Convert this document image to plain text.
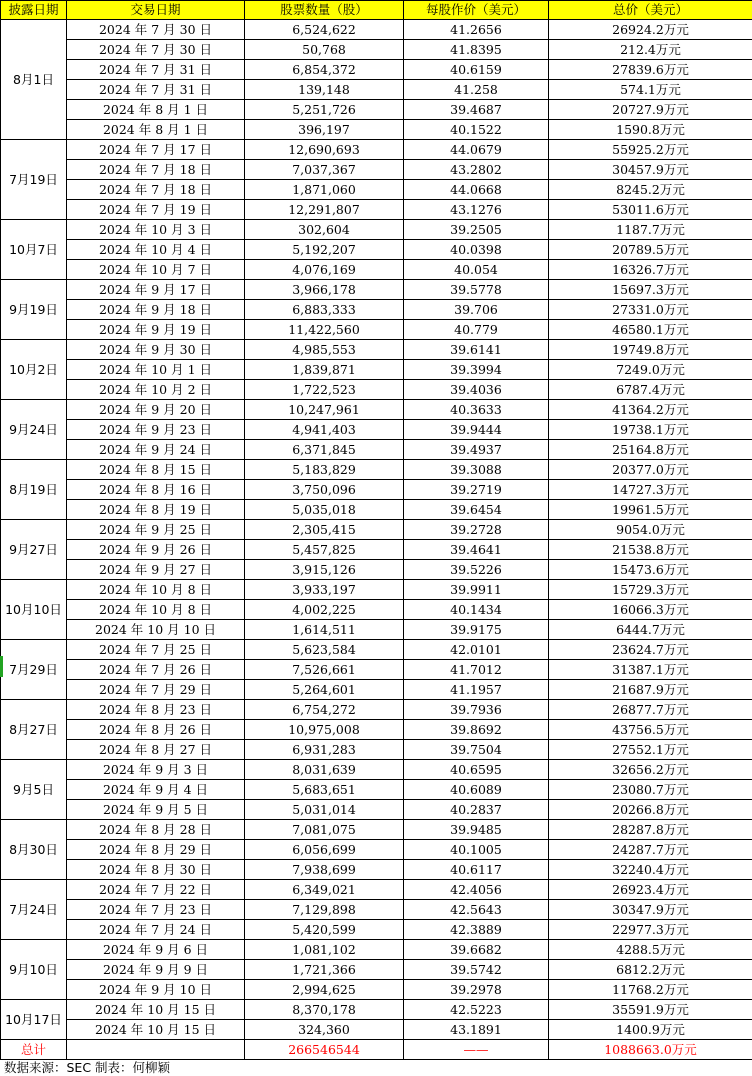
披露日期	交易日期	股票数量（股）	每股作价（美元）	总价（美元）
8月1日	2024 年 7 月 30 日	6,524,622	41.2656	26924.2万元
	2024 年 7 月 30 日	50,768	41.8395	212.4万元
	2024 年 7 月 31 日	6,854,372	40.6159	27839.6万元
	2024 年 7 月 31 日	139,148	41.258	574.1万元
	2024 年 8 月 1 日	5,251,726	39.4687	20727.9万元
	2024 年 8 月 1 日	396,197	40.1522	1590.8万元
7月19日	2024 年 7 月 17 日	12,690,693	44.0679	55925.2万元
	2024 年 7 月 18 日	7,037,367	43.2802	30457.9万元
	2024 年 7 月 18 日	1,871,060	44.0668	8245.2万元
	2024 年 7 月 19 日	12,291,807	43.1276	53011.6万元
10月7日	2024 年 10 月 3 日	302,604	39.2505	1187.7万元
	2024 年 10 月 4 日	5,192,207	40.0398	20789.5万元
	2024 年 10 月 7 日	4,076,169	40.054	16326.7万元
9月19日	2024 年 9 月 17 日	3,966,178	39.5778	15697.3万元
	2024 年 9 月 18 日	6,883,333	39.706	27331.0万元
	2024 年 9 月 19 日	11,422,560	40.779	46580.1万元
10月2日	2024 年 9 月 30 日	4,985,553	39.6141	19749.8万元
	2024 年 10 月 1 日	1,839,871	39.3994	7249.0万元
	2024 年 10 月 2 日	1,722,523	39.4036	6787.4万元
9月24日	2024 年 9 月 20 日	10,247,961	40.3633	41364.2万元
	2024 年 9 月 23 日	4,941,403	39.9444	19738.1万元
	2024 年 9 月 24 日	6,371,845	39.4937	25164.8万元
8月19日	2024 年 8 月 15 日	5,183,829	39.3088	20377.0万元
	2024 年 8 月 16 日	3,750,096	39.2719	14727.3万元
	2024 年 8 月 19 日	5,035,018	39.6454	19961.5万元
9月27日	2024 年 9 月 25 日	2,305,415	39.2728	9054.0万元
	2024 年 9 月 26 日	5,457,825	39.4641	21538.8万元
	2024 年 9 月 27 日	3,915,126	39.5226	15473.6万元
10月10日	2024 年 10 月 8 日	3,933,197	39.9911	15729.3万元
	2024 年 10 月 8 日	4,002,225	40.1434	16066.3万元
	2024 年 10 月 10 日	1,614,511	39.9175	6444.7万元
7月29日	2024 年 7 月 25 日	5,623,584	42.0101	23624.7万元
	2024 年 7 月 26 日	7,526,661	41.7012	31387.1万元
	2024 年 7 月 29 日	5,264,601	41.1957	21687.9万元
8月27日	2024 年 8 月 23 日	6,754,272	39.7936	26877.7万元
	2024 年 8 月 26 日	10,975,008	39.8692	43756.5万元
	2024 年 8 月 27 日	6,931,283	39.7504	27552.1万元
9月5日	2024 年 9 月 3 日	8,031,639	40.6595	32656.2万元
	2024 年 9 月 4 日	5,683,651	40.6089	23080.7万元
	2024 年 9 月 5 日	5,031,014	40.2837	20266.8万元
8月30日	2024 年 8 月 28 日	7,081,075	39.9485	28287.8万元
	2024 年 8 月 29 日	6,056,699	40.1005	24287.7万元
	2024 年 8 月 30 日	7,938,699	40.6117	32240.4万元
7月24日	2024 年 7 月 22 日	6,349,021	42.4056	26923.4万元
	2024 年 7 月 23 日	7,129,898	42.5643	30347.9万元
	2024 年 7 月 24 日	5,420,599	42.3889	22977.3万元
9月10日	2024 年 9 月 6 日	1,081,102	39.6682	4288.5万元
	2024 年 9 月 9 日	1,721,366	39.5742	6812.2万元
	2024 年 9 月 10 日	2,994,625	39.2978	11768.2万元
10月17日	2024 年 10 月 15 日	8,370,178	42.5223	35591.9万元
	2024 年 10 月 15 日	324,360	43.1891	1400.9万元
总计		266546544	——	1088663.0万元
数据来源：SEC 制表：何柳颖
